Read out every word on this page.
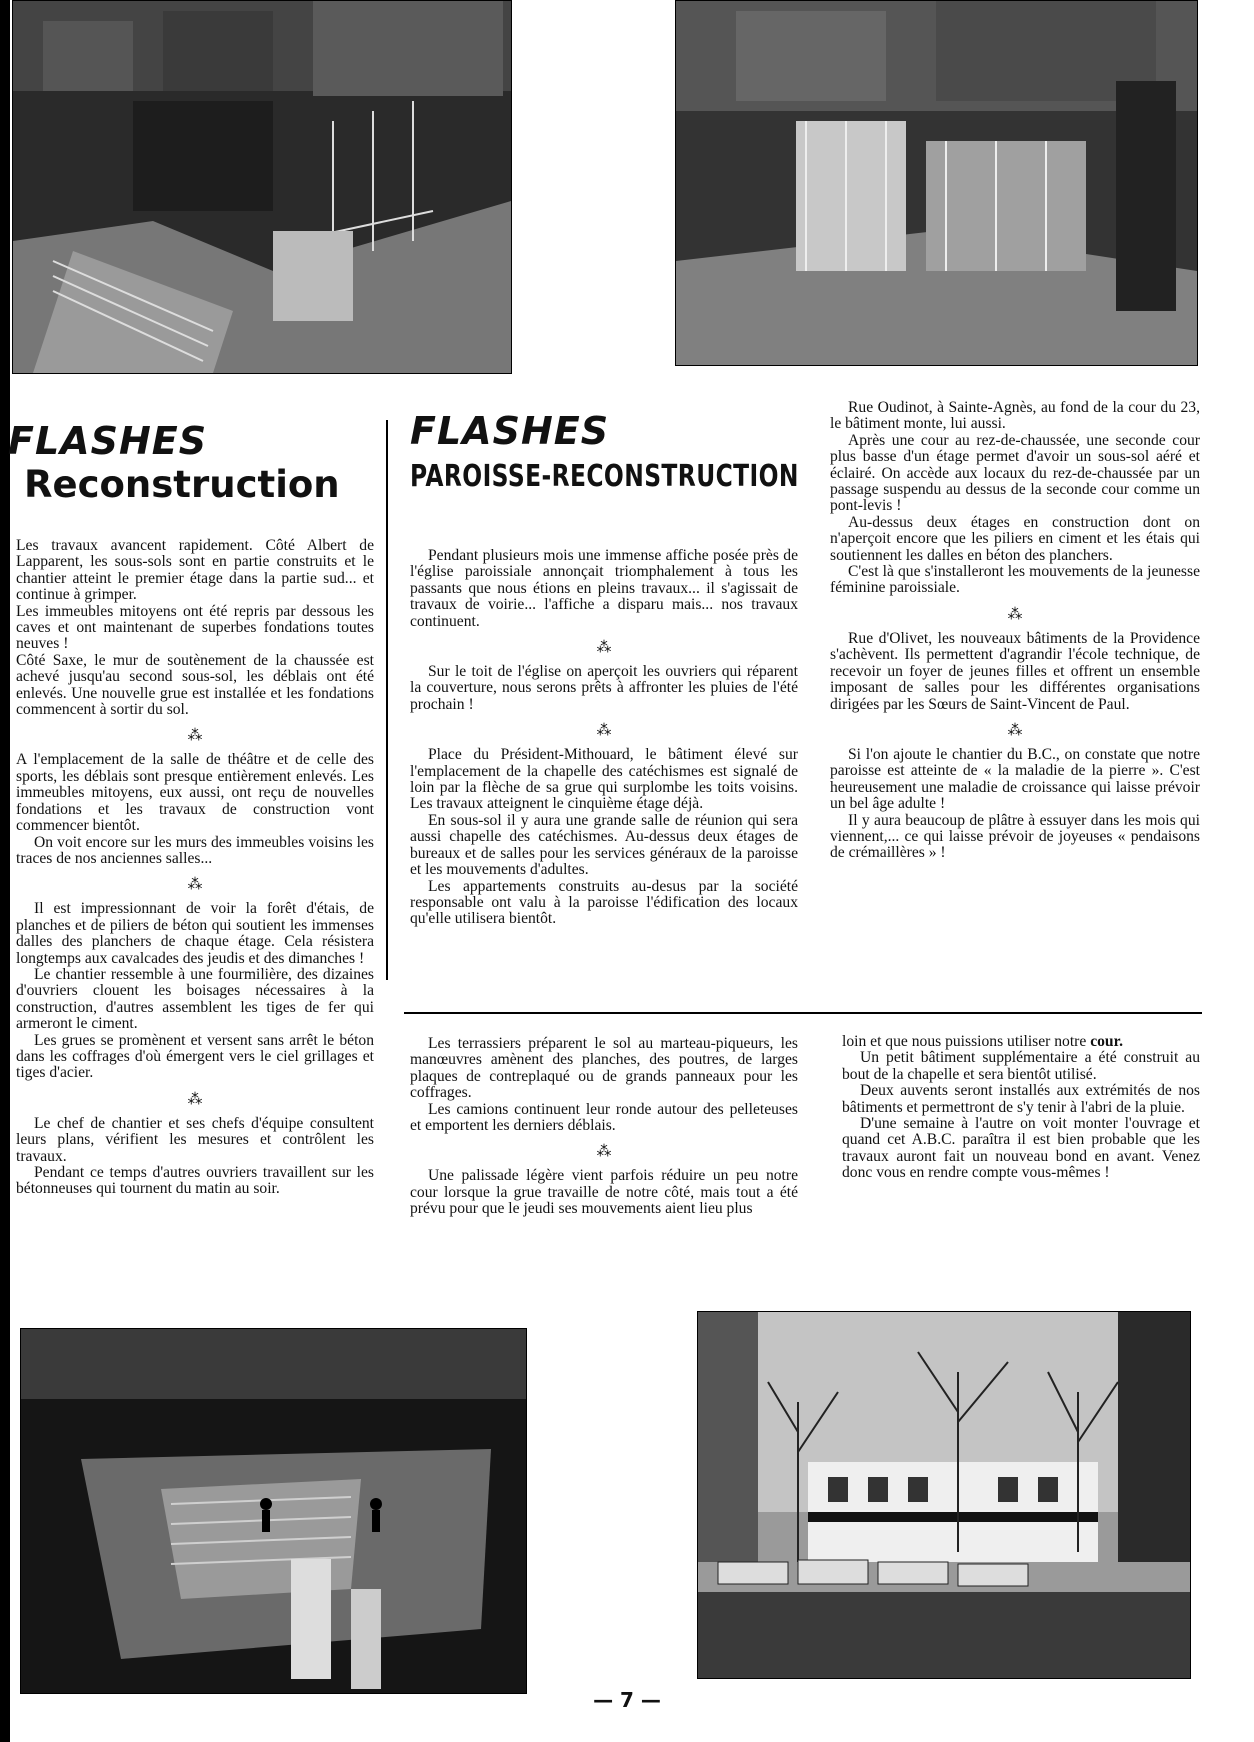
FLASHES
Reconstruction

Les travaux avancent rapidement. Côté Albert de Lapparent, les sous-sols sont en partie construits et le chantier atteint le premier étage dans la partie sud... et continue à grimper.

Les immeubles mitoyens ont été repris par dessous les caves et ont maintenant de superbes fondations toutes neuves !

Côté Saxe, le mur de soutènement de la chaussée est achevé jusqu'au second sous-sol, les déblais ont été enlevés. Une nouvelle grue est installée et les fondations commencent à sortir du sol.

⁂

A l'emplacement de la salle de théâtre et de celle des sports, les déblais sont presque entièrement enlevés. Les immeubles mitoyens, eux aussi, ont reçu de nouvelles fondations et les travaux de construction vont commencer bientôt.

On voit encore sur les murs des immeubles voisins les traces de nos anciennes salles...

⁂

Il est impressionnant de voir la forêt d'étais, de planches et de piliers de béton qui soutient les immenses dalles des planchers de chaque étage. Cela résistera longtemps aux cavalcades des jeudis et des dimanches !

Le chantier ressemble à une fourmilière, des dizaines d'ouvriers clouent les boisages nécessaires à la construction, d'autres assemblent les tiges de fer qui armeront le ciment.

Les grues se promènent et versent sans arrêt le béton dans les coffrages d'où émergent vers le ciel grillages et tiges d'acier.

⁂

Le chef de chantier et ses chefs d'équipe consultent leurs plans, vérifient les mesures et contrôlent les travaux.

Pendant ce temps d'autres ouvriers travaillent sur les bétonneuses qui tournent du matin au soir.

FLASHES
PAROISSE-RECONSTRUCTION

Pendant plusieurs mois une immense affiche posée près de l'église paroissiale annonçait triomphalement à tous les passants que nous étions en pleins travaux... il s'agissait de travaux de voirie... l'affiche a disparu mais... nos travaux continuent.

⁂

Sur le toit de l'église on aperçoit les ouvriers qui réparent la couverture, nous serons prêts à affronter les pluies de l'été prochain !

⁂

Place du Président-Mithouard, le bâtiment élevé sur l'emplacement de la chapelle des catéchismes est signalé de loin par la flèche de sa grue qui surplombe les toits voisins. Les travaux atteignent le cinquième étage déjà.

En sous-sol il y aura une grande salle de réunion qui sera aussi chapelle des catéchismes. Au-dessus deux étages de bureaux et de salles pour les services généraux de la paroisse et les mouvements d'adultes.

Les appartements construits au-desus par la société responsable ont valu à la paroisse l'édification des locaux qu'elle utilisera bientôt.

Rue Oudinot, à Sainte-Agnès, au fond de la cour du 23, le bâtiment monte, lui aussi.

Après une cour au rez-de-chaussée, une seconde cour plus basse d'un étage permet d'avoir un sous-sol aéré et éclairé. On accède aux locaux du rez-de-chaussée par un passage suspendu au dessus de la seconde cour comme un pont-levis !

Au-dessus deux étages en construction dont on n'aperçoit encore que les piliers en ciment et les étais qui soutiennent les dalles en béton des planchers.

C'est là que s'installeront les mouvements de la jeunesse féminine paroissiale.

⁂

Rue d'Olivet, les nouveaux bâtiments de la Providence s'achèvent. Ils permettent d'agrandir l'école technique, de recevoir un foyer de jeunes filles et offrent un ensemble imposant de salles pour les différentes organisations dirigées par les Sœurs de Saint-Vincent de Paul.

⁂

Si l'on ajoute le chantier du B.C., on constate que notre paroisse est atteinte de « la maladie de la pierre ». C'est heureusement une maladie de croissance qui laisse prévoir un bel âge adulte !

Il y aura beaucoup de plâtre à essuyer dans les mois qui viennent,... ce qui laisse prévoir de joyeuses « pendaisons de crémaillères » !

Les terrassiers préparent le sol au marteau-piqueurs, les manœuvres amènent des planches, des poutres, de larges plaques de contreplaqué ou de grands panneaux pour les coffrages.

Les camions continuent leur ronde autour des pelleteuses et emportent les derniers déblais.

⁂

Une palissade légère vient parfois réduire un peu notre cour lorsque la grue travaille de notre côté, mais tout a été prévu pour que le jeudi ses mouvements aient lieu plus

loin et que nous puissions utiliser notre cour.

Un petit bâtiment supplémentaire a été construit au bout de la chapelle et sera bientôt utilisé.

Deux auvents seront installés aux extrémités de nos bâtiments et permettront de s'y tenir à l'abri de la pluie.

D'une semaine à l'autre on voit monter l'ouvrage et quand cet A.B.C. paraîtra il est bien probable que les travaux auront fait un nouveau bond en avant. Venez donc vous en rendre compte vous-mêmes !

— 7 —
